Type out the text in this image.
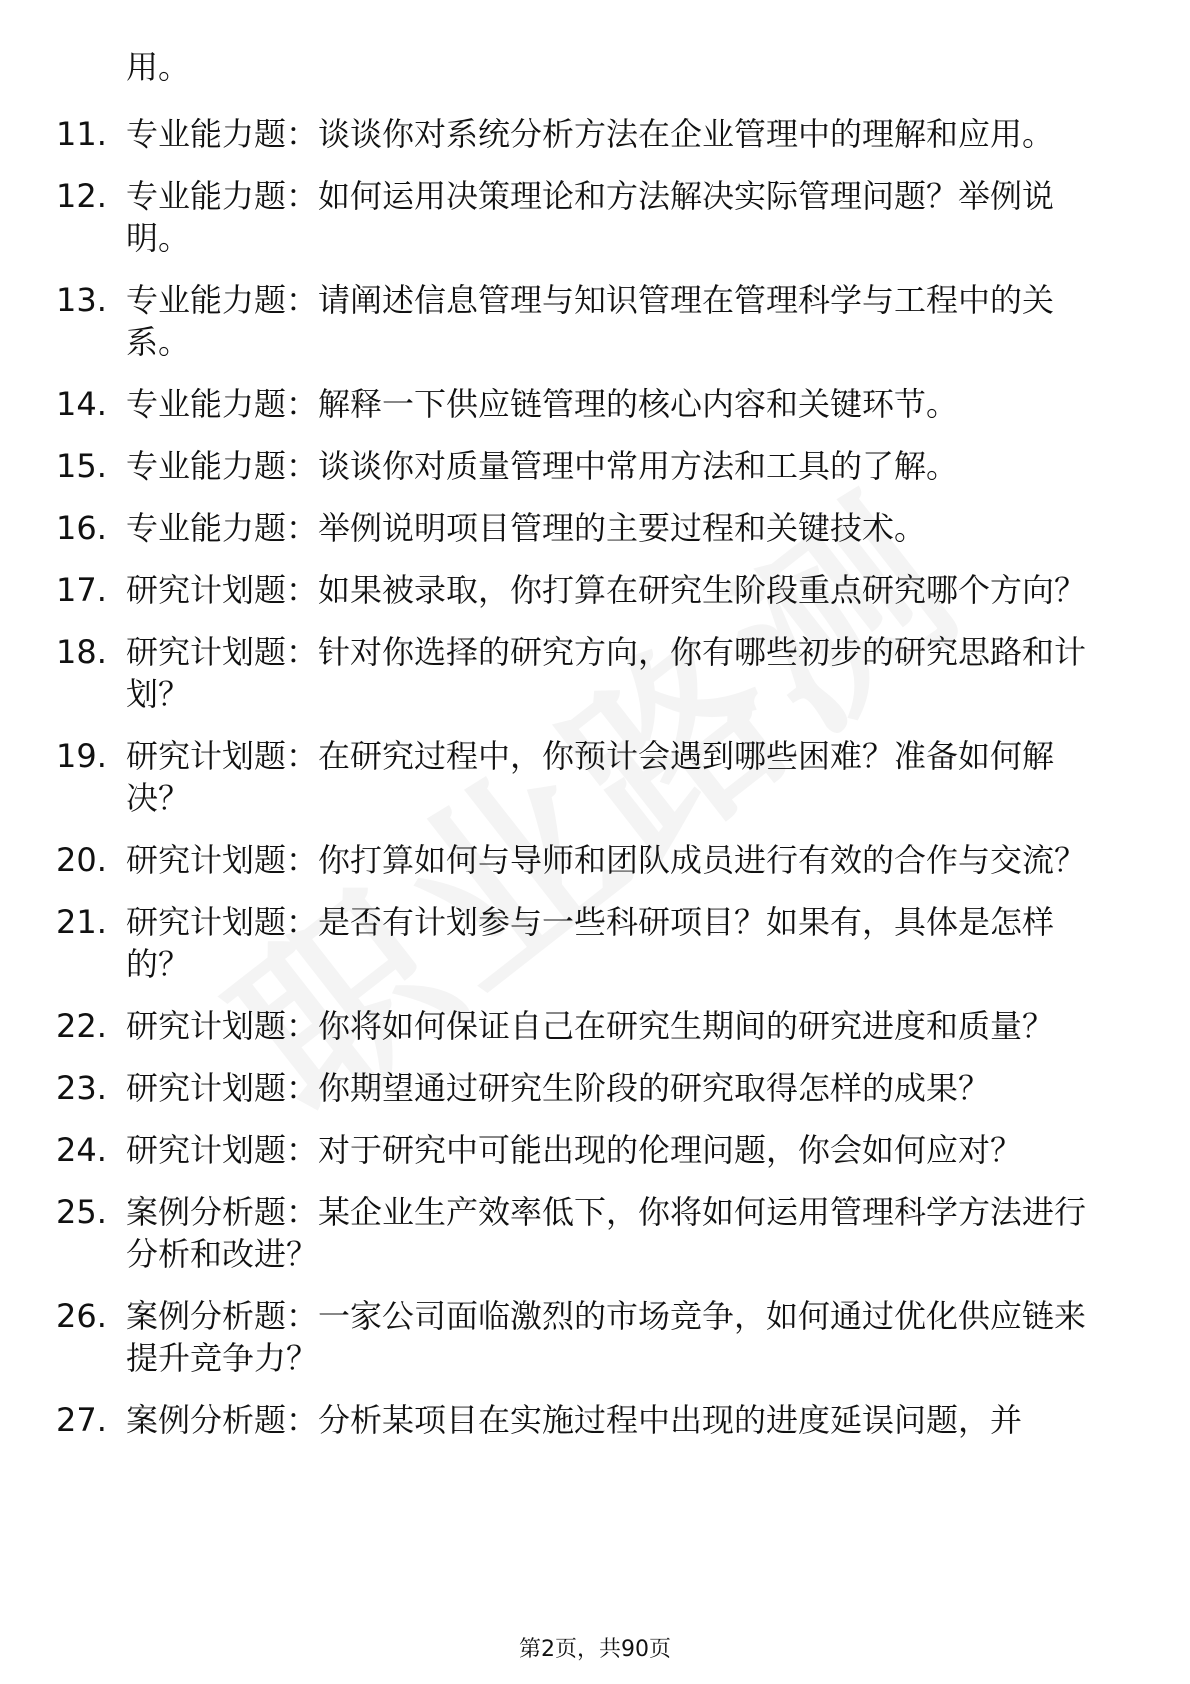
用。
11. 专业能力题：谈谈你对系统分析方法在企业管理中的理解和应用。
12. 专业能力题：如何运用决策理论和方法解决实际管理问题？举例说明。
13. 专业能力题：请阐述信息管理与知识管理在管理科学与工程中的关系。
14. 专业能力题：解释一下供应链管理的核心内容和关键环节。
15. 专业能力题：谈谈你对质量管理中常用方法和工具的了解。
16. 专业能力题：举例说明项目管理的主要过程和关键技术。
17. 研究计划题：如果被录取，你打算在研究生阶段重点研究哪个方向？
18. 研究计划题：针对你选择的研究方向，你有哪些初步的研究思路和计划？
19. 研究计划题：在研究过程中，你预计会遇到哪些困难？准备如何解决？
20. 研究计划题：你打算如何与导师和团队成员进行有效的合作与交流？
21. 研究计划题：是否有计划参与一些科研项目？如果有，具体是怎样的？
22. 研究计划题：你将如何保证自己在研究生期间的研究进度和质量？
23. 研究计划题：你期望通过研究生阶段的研究取得怎样的成果？
24. 研究计划题：对于研究中可能出现的伦理问题，你会如何应对？
25. 案例分析题：某企业生产效率低下，你将如何运用管理科学方法进行分析和改进？
26. 案例分析题：一家公司面临激烈的市场竞争，如何通过优化供应链来提升竞争力？
27. 案例分析题：分析某项目在实施过程中出现的进度延误问题，并
第2页，共90页
